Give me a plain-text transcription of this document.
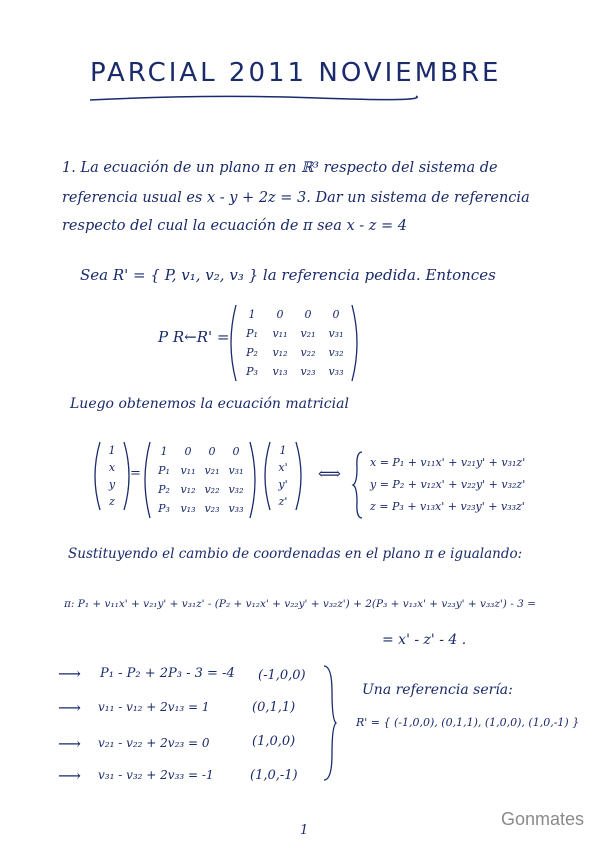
PARCIAL 2011 NOVIEMBRE
1. La ecuación de un plano π en ℝ³ respecto del sistema de
referencia usual es x - y + 2z = 3. Dar un sistema de referencia
respecto del cual la ecuación de π sea x - z = 4
Sea R' = { P, v₁, v₂, v₃ } la referencia pedida. Entonces
P R←R' =
1	0	0	0
P₁	v₁₁	v₂₁	v₃₁
P₂	v₁₂	v₂₂	v₃₂
P₃	v₁₃	v₂₃	v₃₃
Luego obtenemos la ecuación matricial
1
x
y
z
=
1	0	0	0
P₁ v₁₁ v₂₁ v₃₁
P₂ v₁₂ v₂₂ v₃₂
P₃ v₁₃ v₂₃ v₃₃
1
x'
y'
z'
⟺
x = P₁ + v₁₁x' + v₂₁y' + v₃₁z'
y = P₂ + v₁₂x' + v₂₂y' + v₃₂z'
z = P₃ + v₁₃x' + v₂₃y' + v₃₃z'
Sustituyendo el cambio de coordenadas en el plano π e igualando:
π: P₁ + v₁₁x' + v₂₁y' + v₃₁z' - (P₂ + v₁₂x' + v₂₂y' + v₃₂z') + 2(P₃ + v₁₃x' + v₂₃y' + v₃₃z') - 3 =
= x' - z' - 4 .
⟶ P₁ - P₂ + 2P₃ - 3 = -4 (-1,0,0)
⟶ v₁₁ - v₁₂ + 2v₁₃ = 1	(0,1,1)
⟶ v₂₁ - v₂₂ + 2v₂₃ = 0	(1,0,0)
⟶ v₃₁ - v₃₂ + 2v₃₃ = -1	(1,0,-1)
Una referencia sería:
R' = { (-1,0,0), (0,1,1), (1,0,0), (1,0,-1) }
1
Gonmates
